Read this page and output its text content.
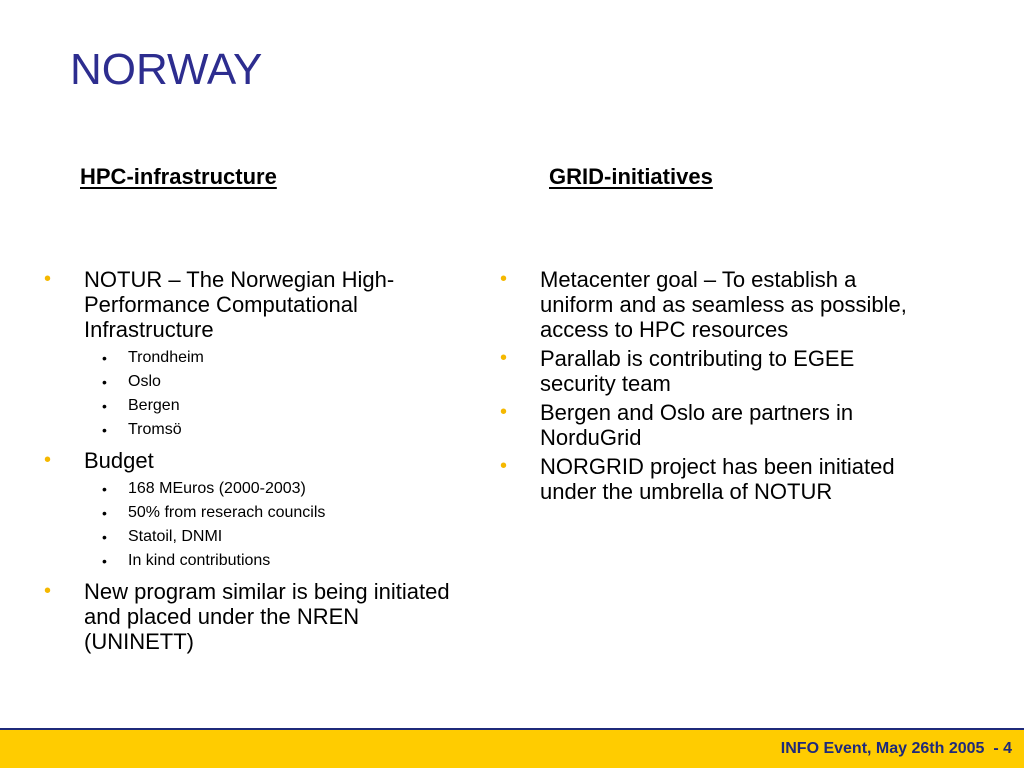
NORWAY
HPC-infrastructure	GRID-initiatives
•	NOTUR – The Norwegian High-Performance Computational Infrastructure
• Trondheim
• Oslo
• Bergen
• Tromsö
•	Budget
• 168 MEuros (2000-2003)
• 50% from reserach councils
• Statoil, DNMI
• In kind contributions
•	New program similar is being initiated and placed under the NREN (UNINETT)
•	Metacenter goal – To establish a uniform and as seamless as possible, access to HPC resources
•	Parallab is contributing to EGEE security team
•	Bergen and Oslo are partners in NorduGrid
•	NORGRID project has been initiated under the umbrella of NOTUR
INFO Event, May 26th 2005  - 4
